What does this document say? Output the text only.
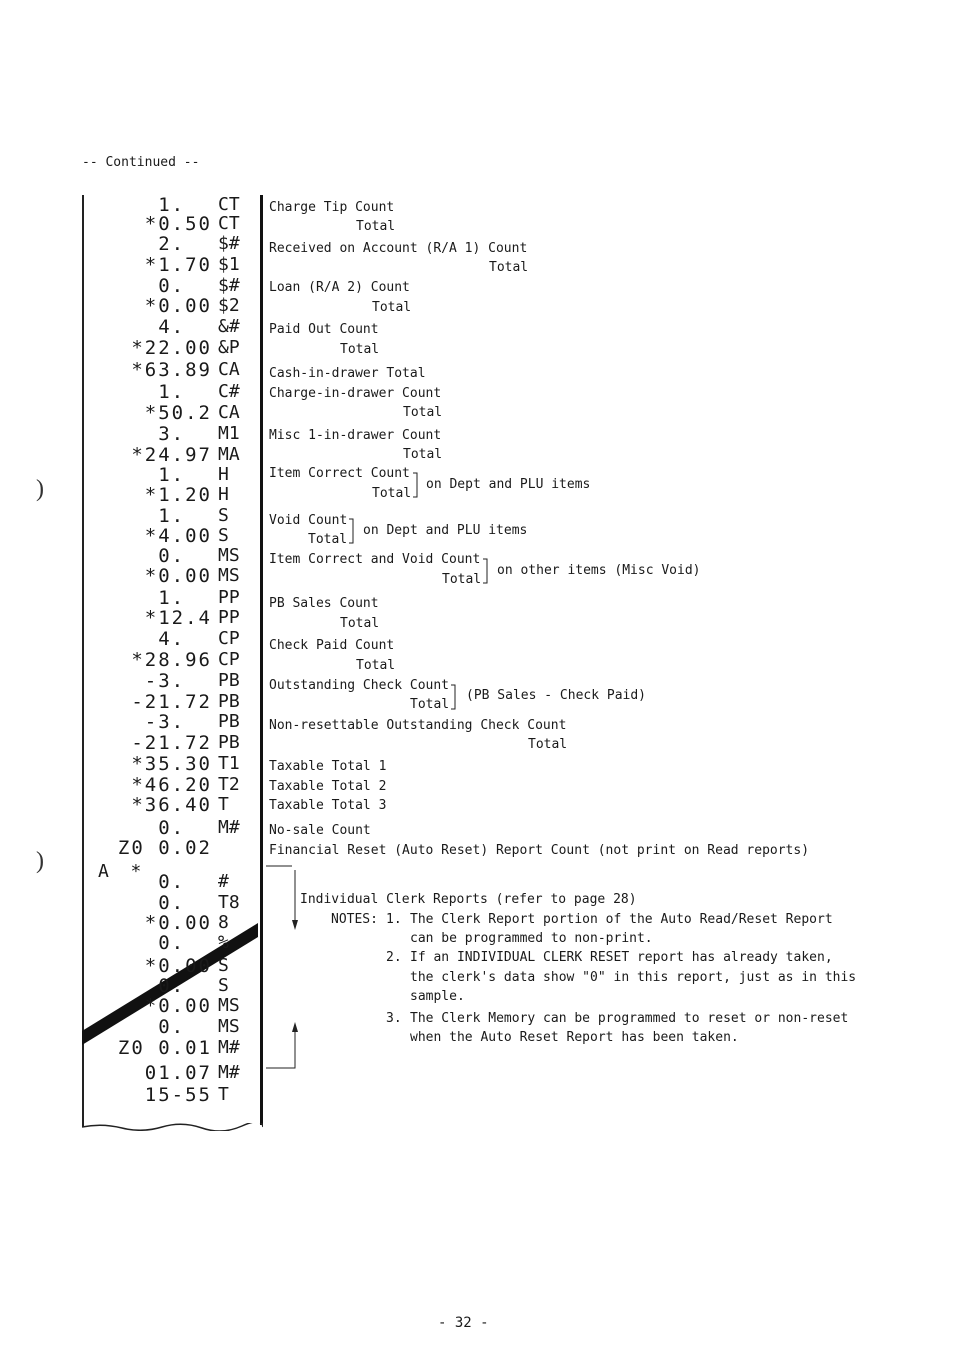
-- Continued --
)
)
1. CT
*0.50 CT
2. $#
*1.70 $1
0. $#
*0.00 $2
4. &#
*22.00 &P
*63.89 CA
1. C#
*50.2 CA
3. M1
*24.97 MA
1. H
*1.20 H
1. S
*4.00 S
0. MS
*0.00 MS
1. PP
*12.4 PP
4. CP
*28.96 CP
-3. PB
-21.72 PB
-3. PB
-21.72 PB
*35.30 T1
*46.20 T2
*36.40 T
0. M#
Z0 0.02
0. #
0. T8
*0.00 8
0. %
*0.00 S
0. S
*0.00 MS
0. MS
Z0 0.01 M#
01.07 M#
15-55 T
A  *
Charge Tip Count
Total
Received on Account (R/A 1) Count
Total
Loan (R/A 2) Count
Total
Paid Out Count
Total
Cash-in-drawer Total
Charge-in-drawer Count
Total
Misc 1-in-drawer Count
Total
Item Correct Count
Total
on Dept and PLU items
Void Count
Total
on Dept and PLU items
Item Correct and Void Count
Total
on other items (Misc Void)
PB Sales Count
Total
Check Paid Count
Total
Outstanding Check Count
Total
(PB Sales - Check Paid)
Non-resettable Outstanding Check Count
Total
Taxable Total 1
Taxable Total 2
Taxable Total 3
No-sale Count
Financial Reset (Auto Reset) Report Count (not print on Read reports)
Individual Clerk Reports (refer to page 28)
NOTES: 1. The Clerk Report portion of the Auto Read/Reset Report
can be programmed to non-print.
2. If an INDIVIDUAL CLERK RESET report has already taken,
the clerk's data show "0" in this report, just as in this
sample.
3. The Clerk Memory can be programmed to reset or non-reset
when the Auto Reset Report has been taken.
- 32 -
